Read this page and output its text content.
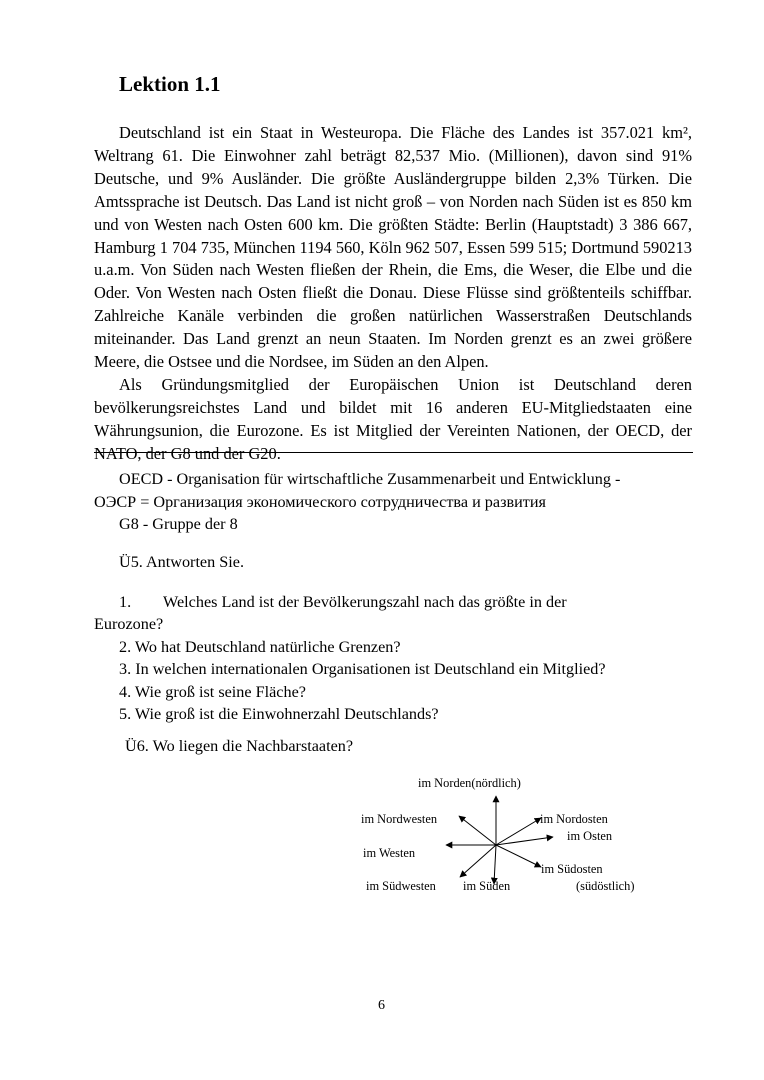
Lektion 1.1

Deutschland ist ein Staat in Westeuropa. Die Fläche des Landes ist 357.021 km², Weltrang 61. Die Einwohner zahl beträgt 82,537 Mio. (Millionen), davon sind 91% Deutsche, und 9% Ausländer. Die größte Ausländergruppe bilden 2,3% Türken. Die Amtssprache ist Deutsch. Das Land ist nicht groß – von Norden nach Süden ist es 850 km und von Westen nach Osten 600 km. Die größten Städte: Berlin (Hauptstadt) 3 386 667, Hamburg 1 704 735, München 1194 560, Köln 962 507, Essen 599 515; Dortmund 590213 u.a.m. Von Süden nach Westen fließen der Rhein, die Ems, die Weser, die Elbe und die Oder. Von Westen nach Osten fließt die Donau. Diese Flüsse sind größtenteils schiffbar. Zahlreiche Kanäle verbinden die großen natürlichen Wasserstraßen Deutschlands miteinander. Das Land grenzt an neun Staaten. Im Norden grenzt es an zwei größere Meere, die Ostsee und die Nordsee, im Süden an den Alpen.

Als Gründungsmitglied der Europäischen Union ist Deutschland deren bevölkerungsreichstes Land und bildet mit 16 anderen EU-Mitgliedstaaten eine Währungsunion, die Eurozone. Es ist Mitglied der Vereinten Nationen, der OECD, der NATO, der G8 und der G20.

OECD - Organisation für wirtschaftliche Zusammenarbeit und Entwicklung -
ОЭСР = Организация экономического сотрудничества и развития
G8 - Gruppe der 8
Ü5. Antworten Sie.
1.	Welches Land ist der Bevölkerungszahl nach das größte in der
Eurozone?
2. Wo hat Deutschland natürliche Grenzen?
3. In welchen internationalen Organisationen ist Deutschland ein Mitglied?
4. Wie groß ist seine Fläche?
5. Wie groß ist die Einwohnerzahl Deutschlands?
Ü6. Wo liegen die Nachbarstaaten?
im Norden(nördlich)
im Nordwesten	im Nordosten
im Osten
im Westen
im Südosten
(südöstlich)
im Südwesten im Süden
6
